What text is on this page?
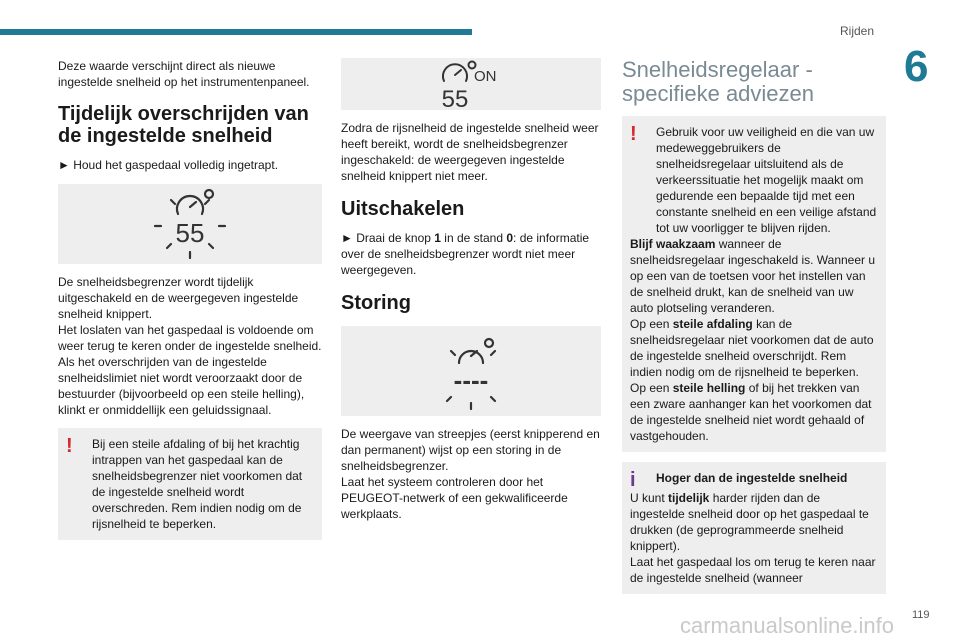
Rijden
6

Deze waarde verschijnt direct als nieuwe ingestelde snelheid op het instrumentenpaneel.

Tijdelijk overschrijden van de ingestelde snelheid

► Houd het gaspedaal volledig ingetrapt.

55

De snelheidsbegrenzer wordt tijdelijk uitgeschakeld en de weergegeven ingestelde snelheid knippert.

Het loslaten van het gaspedaal is voldoende om weer terug te keren onder de ingestelde snelheid.

Als het overschrijden van de ingestelde snelheidslimiet niet wordt veroorzaakt door de bestuurder (bijvoorbeeld op een steile helling), klinkt er onmiddellijk een geluidssignaal.

!	Bij een steile afdaling of bij het krachtig intrappen van het gaspedaal kan de snelheidsbegrenzer niet voorkomen dat de ingestelde snelheid wordt overschreden. Rem indien nodig om de rijsnelheid te beperken.
ON
55

Zodra de rijsnelheid de ingestelde snelheid weer heeft bereikt, wordt de snelheidsbegrenzer ingeschakeld: de weergegeven ingestelde snelheid knippert niet meer.

Uitschakelen

► Draai de knop 1 in de stand 0: de informatie over de snelheidsbegrenzer wordt niet meer weergegeven.

Storing
----

De weergave van streepjes (eerst knipperend en dan permanent) wijst op een storing in de snelheidsbegrenzer.

Laat het systeem controleren door het PEUGEOT-netwerk of een gekwalificeerde werkplaats.

Snelheidsregelaar - specifieke adviezen
!	Gebruik voor uw veiligheid en die van uw medeweggebruikers de snelheidsregelaar uitsluitend als de verkeerssituatie het mogelijk maakt om gedurende een bepaalde tijd met een constante snelheid en een veilige afstand tot uw voorligger te blijven rijden.
Blijf waakzaam wanneer de snelheidsregelaar ingeschakeld is. Wanneer u op een van de toetsen voor het instellen van de snelheid drukt, kan de snelheid van uw auto plotseling veranderen.
Op een steile afdaling kan de snelheidsregelaar niet voorkomen dat de auto de ingestelde snelheid overschrijdt. Rem indien nodig om de rijsnelheid te beperken.
Op een steile helling of bij het trekken van een zware aanhanger kan het voorkomen dat de ingestelde snelheid niet wordt gehaald of vastgehouden.
i	Hoger dan de ingestelde snelheid
U kunt tijdelijk harder rijden dan de ingestelde snelheid door op het gaspedaal te drukken (de geprogrammeerde snelheid knippert).
Laat het gaspedaal los om terug te keren naar de ingestelde snelheid (wanneer
carmanualsonline.info 119
